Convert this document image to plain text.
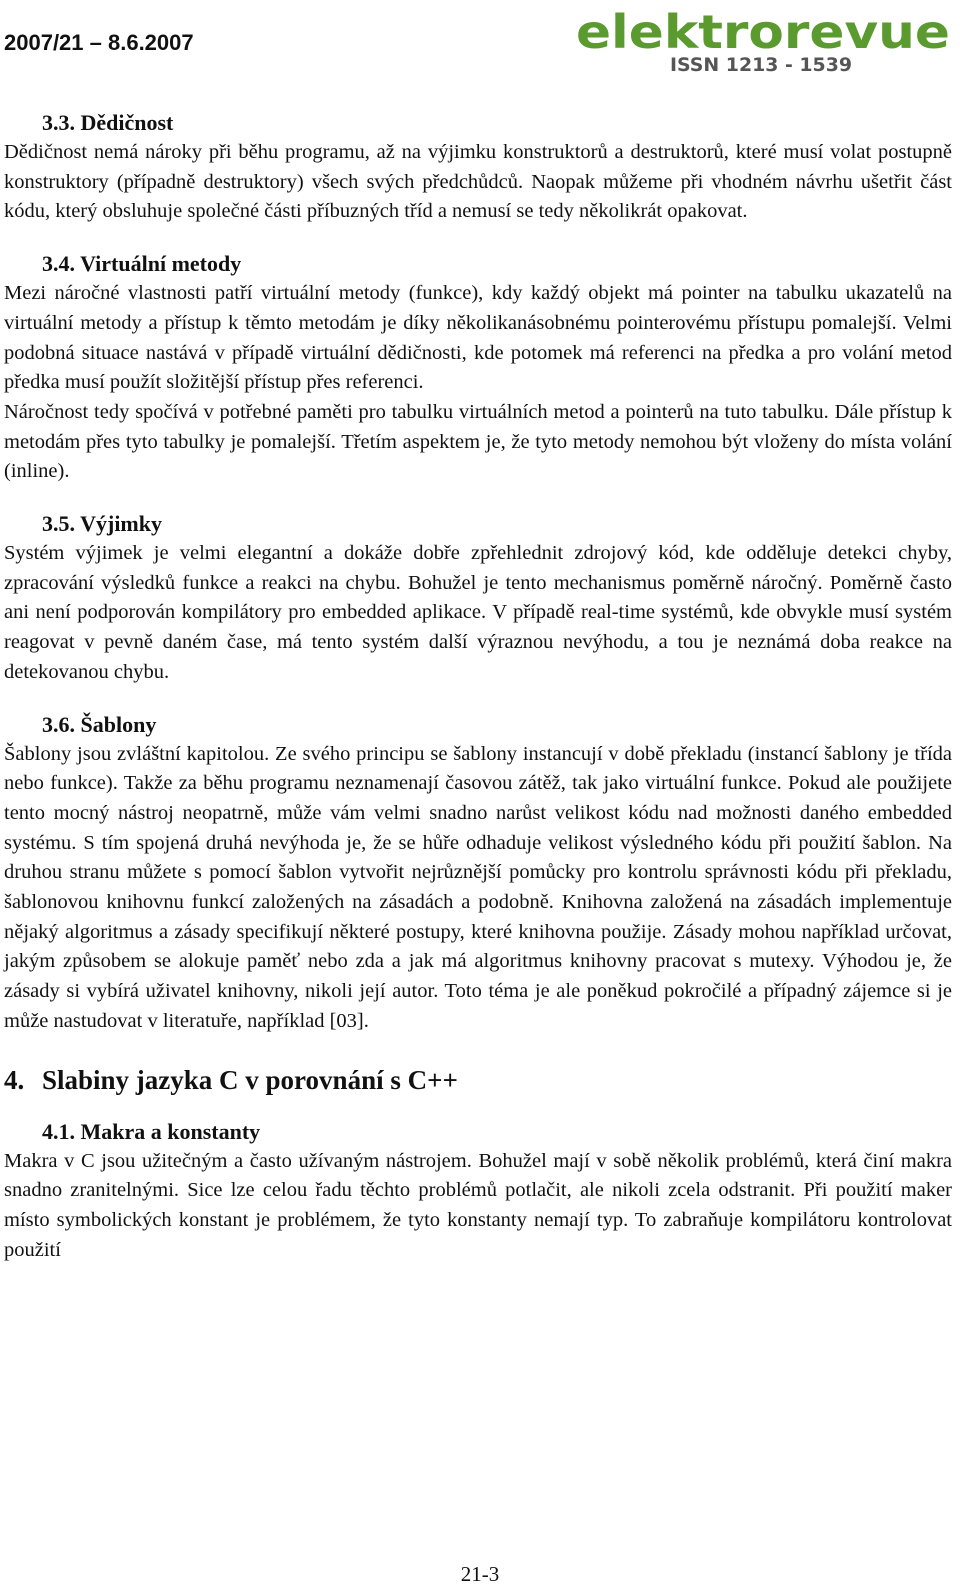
2007/21 – 8.6.2007	elektrorevue
ISSN 1213 - 1539
3.3. Dědičnost

Dědičnost nemá nároky při běhu programu, až na výjimku konstruktorů a destruktorů, které musí volat postupně konstruktory (případně destruktory) všech svých předchůdců. Naopak můžeme při vhodném návrhu ušetřit část kódu, který obsluhuje společné části příbuzných tříd a nemusí se tedy několikrát opakovat.

3.4. Virtuální metody

Mezi náročné vlastnosti patří virtuální metody (funkce), kdy každý objekt má pointer na tabulku ukazatelů na virtuální metody a přístup k těmto metodám je díky několikanásobnému pointerovému přístupu pomalejší. Velmi podobná situace nastává v případě virtuální dědičnosti, kde potomek má referenci na předka a pro volání metod předka musí použít složitější přístup přes referenci.

Náročnost tedy spočívá v potřebné paměti pro tabulku virtuálních metod a pointerů na tuto tabulku. Dále přístup k metodám přes tyto tabulky je pomalejší. Třetím aspektem je, že tyto metody nemohou být vloženy do místa volání (inline).

3.5. Výjimky

Systém výjimek je velmi elegantní a dokáže dobře zpřehlednit zdrojový kód, kde odděluje detekci chyby, zpracování výsledků funkce a reakci na chybu. Bohužel je tento mechanismus poměrně náročný. Poměrně často ani není podporován kompilátory pro embedded aplikace. V případě real-time systémů, kde obvykle musí systém reagovat v pevně daném čase, má tento systém další výraznou nevýhodu, a tou je neznámá doba reakce na detekovanou chybu.

3.6. Šablony

Šablony jsou zvláštní kapitolou. Ze svého principu se šablony instancují v době překladu (instancí šablony je třída nebo funkce). Takže za běhu programu neznamenají časovou zátěž, tak jako virtuální funkce. Pokud ale použijete tento mocný nástroj neopatrně, může vám velmi snadno narůst velikost kódu nad možnosti daného embedded systému. S tím spojená druhá nevýhoda je, že se hůře odhaduje velikost výsledného kódu při použití šablon. Na druhou stranu můžete s pomocí šablon vytvořit nejrůznější pomůcky pro kontrolu správnosti kódu při překladu, šablonovou knihovnu funkcí založených na zásadách a podobně. Knihovna založená na zásadách implementuje nějaký algoritmus a zásady specifikují některé postupy, které knihovna použije. Zásady mohou například určovat, jakým způsobem se alokuje paměť nebo zda a jak má algoritmus knihovny pracovat s mutexy. Výhodou je, že zásady si vybírá uživatel knihovny, nikoli její autor. Toto téma je ale poněkud pokročilé a případný zájemce si je může nastudovat v literatuře, například [03].

4. Slabiny jazyka C v porovnání s C++
4.1. Makra a konstanty

Makra v C jsou užitečným a často užívaným nástrojem. Bohužel mají v sobě několik problémů, která činí makra snadno zranitelnými. Sice lze celou řadu těchto problémů potlačit, ale nikoli zcela odstranit. Při použití maker místo symbolických konstant je problémem, že tyto konstanty nemají typ. To zabraňuje kompilátoru kontrolovat použití

21-3
